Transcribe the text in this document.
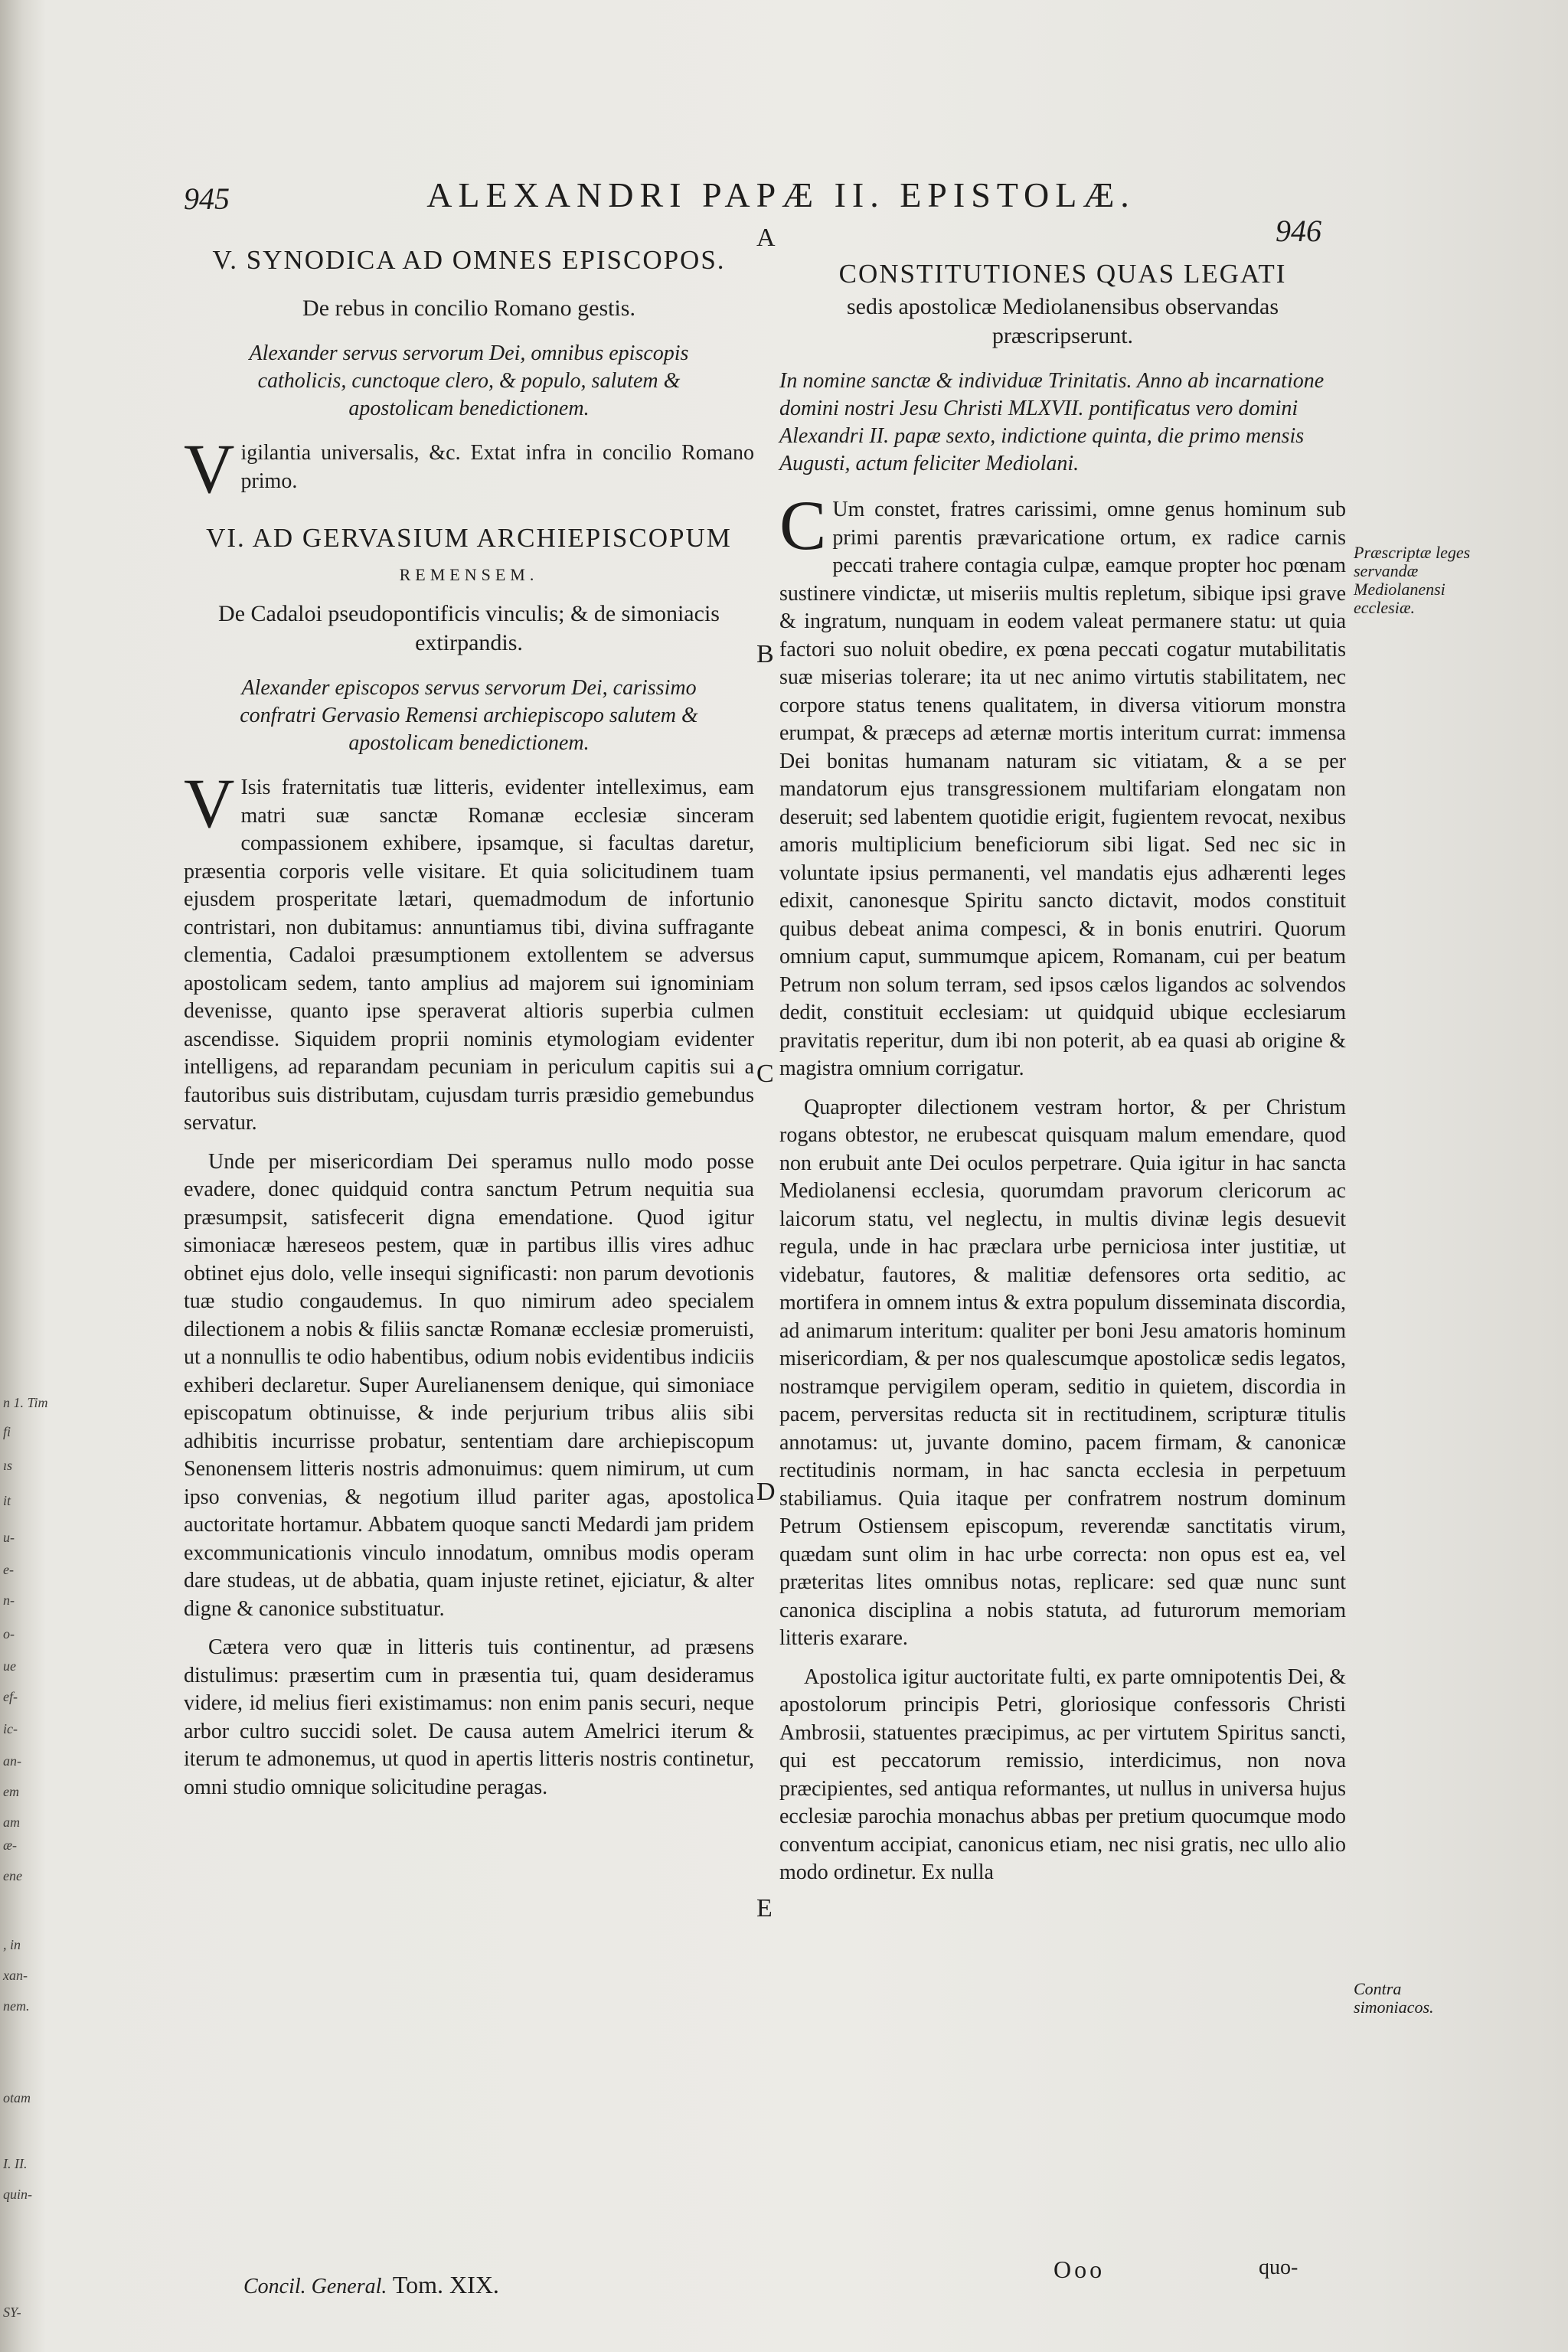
n 1. Tim
fi
ıs
it
u-
e-
n-
o-
ue
ef-
ic-
an-
em
am
æ-
ene
, in
xan-
nem.
otam
I. II.
quin-
SY-
945	ALEXANDRI PAPÆ II. EPISTOLÆ.
946
A
B
C
D
E
V. SYNODICA AD OMNES EPISCOPOS.
De rebus in concilio Romano gestis.
Alexander servus servorum Dei, omnibus episcopis catholicis, cunctoque clero, & populo, salutem & apostolicam benedictionem.
Vigilantia universalis, &c. Extat infra in concilio Romano primo.
VI. AD GERVASIUM ARCHIEPISCOPUM
REMENSEM.
De Cadaloi pseudopontificis vinculis; & de simoniacis extirpandis.
Alexander episcopos servus servorum Dei, carissimo confratri Gervasio Remensi archiepiscopo salutem & apostolicam benedictionem.
V Isis fraternitatis tuæ litteris, evidenter intelleximus, eam matri suæ sanctæ Romanæ ecclesiæ sinceram compassionem exhibere, ipsamque, si facultas daretur, præsentia corporis velle visitare. Et quia solicitudinem tuam ejusdem prosperitate lætari, quemadmodum de infortunio contristari, non dubitamus: annuntiamus tibi, divina suffragante clementia, Cadaloi præsumptionem extollentem se adversus apostolicam sedem, tanto amplius ad majorem sui ignominiam devenisse, quanto ipse speraverat altioris superbia culmen ascendisse. Siquidem proprii nominis etymologiam evidenter intelligens, ad reparandam pecuniam in periculum capitis sui a fautoribus suis distributam, cujusdam turris præsidio gemebundus servatur.
Unde per misericordiam Dei speramus nullo modo posse evadere, donec quidquid contra sanctum Petrum nequitia sua præsumpsit, satisfecerit digna emendatione. Quod igitur simoniacæ hæreseos pestem, quæ in partibus illis vires adhuc obtinet ejus dolo, velle insequi significasti: non parum devotionis tuæ studio congaudemus. In quo nimirum adeo specialem dilectionem a nobis & filiis sanctæ Romanæ ecclesiæ promeruisti, ut a nonnullis te odio habentibus, odium nobis evidentibus indiciis exhiberi declaretur. Super Aurelianensem denique, qui simoniace episcopatum obtinuisse, & inde perjurium tribus aliis sibi adhibitis incurrisse probatur, sententiam dare archiepiscopum Senonensem litteris nostris admonuimus: quem nimirum, ut cum ipso convenias, & negotium illud pariter agas, apostolica auctoritate hortamur. Abbatem quoque sancti Medardi jam pridem excommunicationis vinculo innodatum, omnibus modis operam dare studeas, ut de abbatia, quam injuste retinet, ejiciatur, & alter digne & canonice substituatur.
Cætera vero quæ in litteris tuis continentur, ad præsens distulimus: præsertim cum in præsentia tui, quam desideramus videre, id melius fieri existimamus: non enim panis securi, neque arbor cultro succidi solet. De causa autem Amelrici iterum & iterum te admonemus, ut quod in apertis litteris nostris continetur, omni studio omnique solicitudine peragas.
CONSTITUTIONES QUAS LEGATI
sedis apostolicæ Mediolanensibus observandas præscripserunt.
In nomine sanctæ & individuæ Trinitatis. Anno ab incarnatione domini nostri Jesu Christi MLXVII. pontificatus vero domini Alexandri II. papæ sexto, indictione quinta, die primo mensis Augusti, actum feliciter Mediolani.
C Um constet, fratres carissimi, omne genus hominum sub primi parentis prævaricatione ortum, ex radice carnis peccati trahere contagia culpæ, eamque propter hoc pœnam sustinere vindictæ, ut miseriis multis repletum, sibique ipsi grave & ingratum, nunquam in eodem valeat permanere statu: ut quia factori suo noluit obedire, ex pœna peccati cogatur mutabilitatis suæ miserias tolerare; ita ut nec animo virtutis stabilitatem, nec corpore status tenens qualitatem, in diversa vitiorum monstra erumpat, & præceps ad æternæ mortis interitum currat: immensa Dei bonitas humanam naturam sic vitiatam, & a se per mandatorum ejus transgressionem multifariam elongatam non deseruit; sed labentem quotidie erigit, fugientem revocat, nexibus amoris multiplicium beneficiorum sibi ligat. Sed nec sic in voluntate ipsius permanenti, vel mandatis ejus adhærenti leges edixit, canonesque Spiritu sancto dictavit, modos constituit quibus debeat anima compesci, & in bonis enutriri. Quorum omnium caput, summumque apicem, Romanam, cui per beatum Petrum non solum terram, sed ipsos cælos ligandos ac solvendos dedit, constituit ecclesiam: ut quidquid ubique ecclesiarum pravitatis reperitur, dum ibi non poterit, ab ea quasi ab origine & magistra omnium corrigatur.
Quapropter dilectionem vestram hortor, & per Christum rogans obtestor, ne erubescat quisquam malum emendare, quod non erubuit ante Dei oculos perpetrare. Quia igitur in hac sancta Mediolanensi ecclesia, quorumdam pravorum clericorum ac laicorum statu, vel neglectu, in multis divinæ legis desuevit regula, unde in hac præclara urbe perniciosa inter justitiæ, ut videbatur, fautores, & malitiæ defensores orta seditio, ac mortifera in omnem intus & extra populum disseminata discordia, ad animarum interitum: qualiter per boni Jesu amatoris hominum misericordiam, & per nos qualescumque apostolicæ sedis legatos, nostramque pervigilem operam, seditio in quietem, discordia in pacem, perversitas reducta sit in rectitudinem, scripturæ titulis annotamus: ut, juvante domino, pacem firmam, & canonicæ rectitudinis normam, in hac sancta ecclesia in perpetuum stabiliamus. Quia itaque per confratrem nostrum dominum Petrum Ostiensem episcopum, reverendæ sanctitatis virum, quædam sunt olim in hac urbe correcta: non opus est ea, vel præteritas lites omnibus notas, replicare: sed quæ nunc sunt canonica disciplina a nobis statuta, ad futurorum memoriam litteris exarare.
Apostolica igitur auctoritate fulti, ex parte omnipotentis Dei, & apostolorum principis Petri, gloriosique confessoris Christi Ambrosii, statuentes præcipimus, ac per virtutem Spiritus sancti, qui est peccatorum remissio, interdicimus, non nova præcipientes, sed antiqua reformantes, ut nullus in universa hujus ecclesiæ parochia monachus abbas per pretium quocumque modo conventum accipiat, canonicus etiam, nec nisi gratis, nec ullo alio modo ordinetur. Ex nulla
Præscriptæ leges servandæ Mediolanensi ecclesiæ.
Contra simoniacos.
Concil. General. Tom. XIX.
Ooo	quo-
